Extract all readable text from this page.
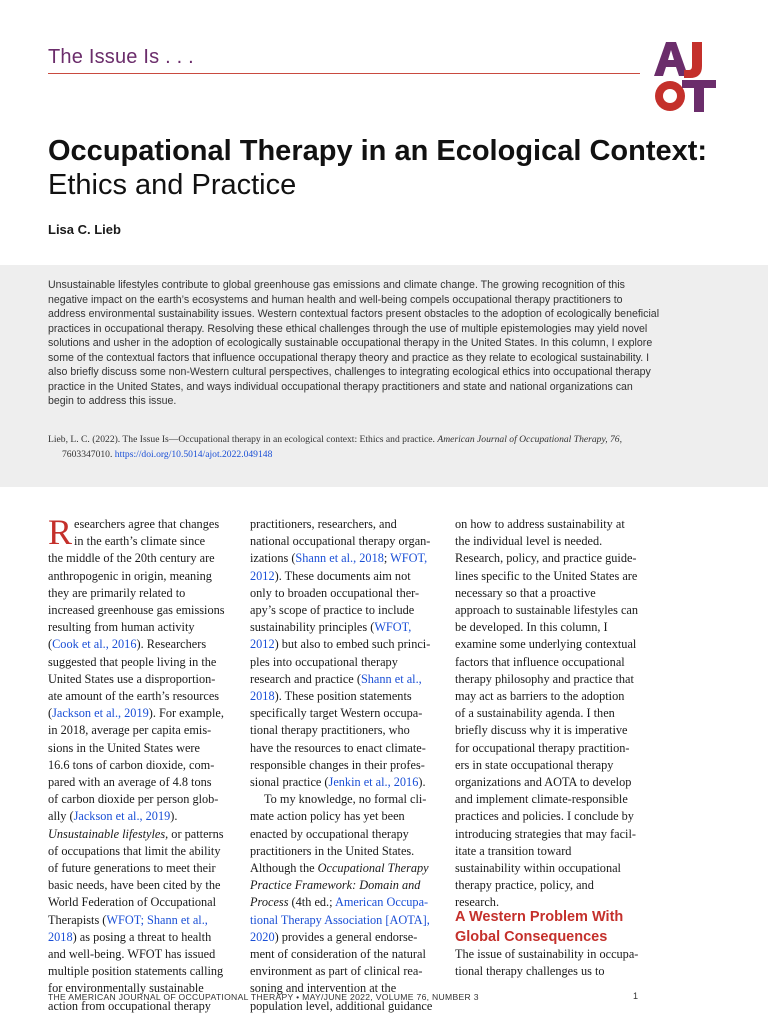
The Issue Is . . .
Occupational Therapy in an Ecological Context: Ethics and Practice
Lisa C. Lieb
Unsustainable lifestyles contribute to global greenhouse gas emissions and climate change. The growing recognition of this negative impact on the earth’s ecosystems and human health and well-being compels occupational therapy practitioners to address environmental sustainability issues. Western contextual factors present obstacles to the adoption of ecologically beneficial practices in occupational therapy. Resolving these ethical challenges through the use of multiple epistemologies may yield novel solutions and usher in the adoption of ecologically sustainable occupational therapy in the United States. In this column, I explore some of the contextual factors that influence occupational therapy theory and practice as they relate to ecological sustainability. I also briefly discuss some non-Western cultural perspectives, challenges to integrating ecological ethics into occupational therapy practice in the United States, and ways individual occupational therapy practitioners and state and national organizations can begin to address this issue.
Lieb, L. C. (2022). The Issue Is—Occupational therapy in an ecological context: Ethics and practice. American Journal of Occupational Therapy, 76,
7603347010. https://doi.org/10.5014/ajot.2022.049148
R esearchers agree that changes
in the earth’s climate since
the middle of the 20th century are
anthropogenic in origin, meaning
they are primarily related to
increased greenhouse gas emissions
resulting from human activity
(Cook et al., 2016). Researchers
suggested that people living in the
United States use a disproportion-
ate amount of the earth’s resources
(Jackson et al., 2019). For example,
in 2018, average per capita emis-
sions in the United States were
16.6 tons of carbon dioxide, com-
pared with an average of 4.8 tons
of carbon dioxide per person glob-
ally (Jackson et al., 2019).
Unsustainable lifestyles, or patterns
of occupations that limit the ability
of future generations to meet their
basic needs, have been cited by the
World Federation of Occupational
Therapists (WFOT; Shann et al.,
2018) as posing a threat to health
and well-being. WFOT has issued
multiple position statements calling
for environmentally sustainable
action from occupational therapy
practitioners, researchers, and
national occupational therapy organ-
izations (Shann et al., 2018; WFOT,
2012). These documents aim not
only to broaden occupational ther-
apy’s scope of practice to include
sustainability principles (WFOT,
2012) but also to embed such princi-
ples into occupational therapy
research and practice (Shann et al.,
2018). These position statements
specifically target Western occupa-
tional therapy practitioners, who
have the resources to enact climate-
responsible changes in their profes-
sional practice (Jenkin et al., 2016).
To my knowledge, no formal cli-
mate action policy has yet been
enacted by occupational therapy
practitioners in the United States.
Although the Occupational Therapy
Practice Framework: Domain and
Process (4th ed.; American Occupa-
tional Therapy Association [AOTA],
2020) provides a general endorse-
ment of consideration of the natural
environment as part of clinical rea-
soning and intervention at the
population level, additional guidance
on how to address sustainability at
the individual level is needed.
Research, policy, and practice guide-
lines specific to the United States are
necessary so that a proactive
approach to sustainable lifestyles can
be developed. In this column, I
examine some underlying contextual
factors that influence occupational
therapy philosophy and practice that
may act as barriers to the adoption
of a sustainability agenda. I then
briefly discuss why it is imperative
for occupational therapy practition-
ers in state occupational therapy
organizations and AOTA to develop
and implement climate-responsible
practices and policies. I conclude by
introducing strategies that may facil-
itate a transition toward
sustainability within occupational
therapy practice, policy, and
research.
A Western Problem With Global Consequences
The issue of sustainability in occupa-
tional therapy challenges us to
THE AMERICAN JOURNAL OF OCCUPATIONAL THERAPY • MAY/JUNE 2022, VOLUME 76, NUMBER 3	1
